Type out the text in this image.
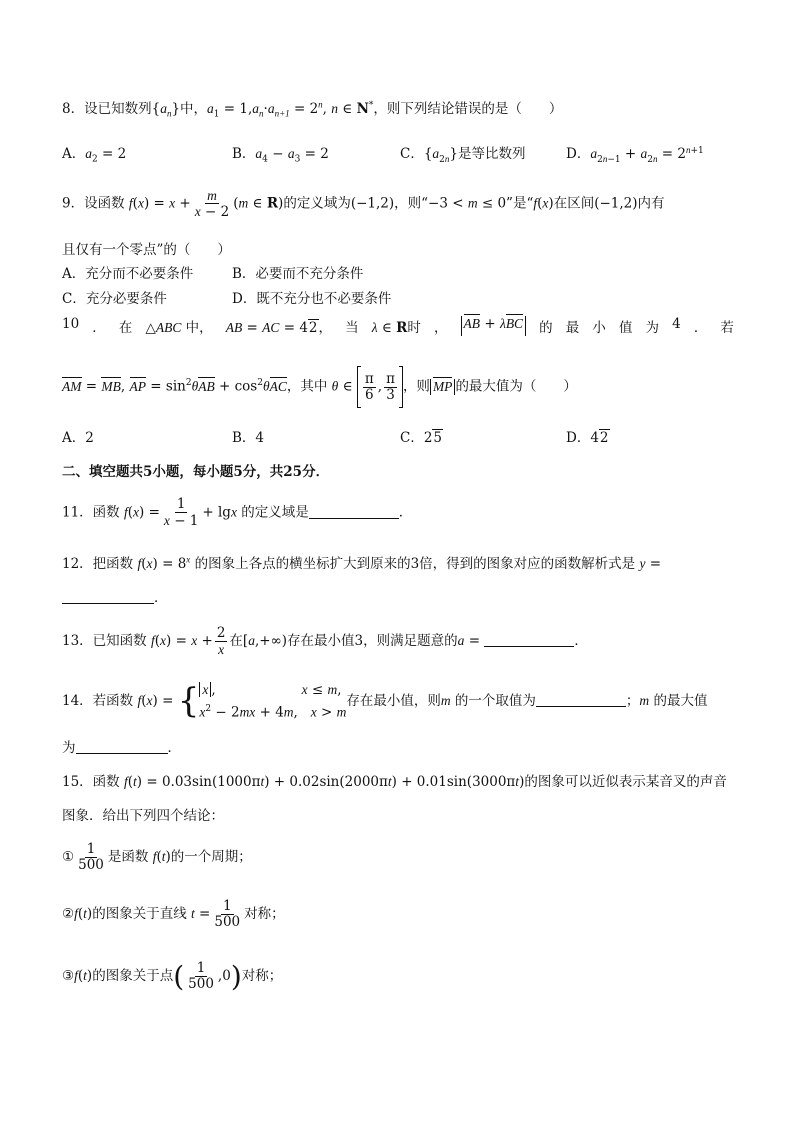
8．设已知数列$\{a_n\}$中，$a_1 = 1,a_n\cdot a_{n+1} = 2^n$, n ∈ N*，则下列结论错误的是（　　）
A．$a_2 = 2$	B．$a_4 - a_3 = 2$	C．$\{a_{2n}\}$是等比数列	D．$a_{2n-1} + a_{2n} = 2^{n+1}$
9．设函数 $f(x) = x + \frac{m}{x - 2} (m$ ∈ R)的定义域为(−1,2)，则“−3 < m ≤ 0”是“f(x)在区间(−1,2)内有
且仅有一个零点”的（　　）
A．充分而不必要条件	B．必要而不充分条件
C．充分必要条件	D．既不充分也不必要条件
10 ． 在 △ABC 中， AB = AC = 42， 当 λ ∈ R时 ， AB + λBC 的 最 小 值 为 4 ． 若
AM = MB, AP = $\sin^2\theta AB + \cos^2\theta AC$，其中 θ ∈ $\frac{\pi}{6}$ , $\frac{\pi}{3}$ ，则 MP 的最大值为（　　）
A．2	B．4	C．25	D．42
二、填空题共5小题，每小题5分，共25分．
11．函数 $f(x) = \frac{1}{x - 1} + \lg x$ 的定义域是	．
12．把函数 $f(x) = 8^x$ 的图象上各点的横坐标扩大到原来的3倍，得到的图象对应的函数解析式是 y =
．
13．已知函数 $f(x) = x + \frac{2}{x}$ 在[a,+∞)存在最小值3，则满足题意的a =	．
14．若函数 f(x) = { x ,	x ≤ m,
$x^2 - 2mx + 4m$,   x > m
存在最小值，则m 的一个取值为	；m 的最大值
为	．
15．函数 f(t) = 0.03sin(1000πt) + 0.02sin(2000πt) + 0.01sin(3000πt)的图象可以近似表示某音叉的声音
图象．给出下列四个结论：
① $\frac{1}{500}$ 是函数 f(t)的一个周期；
②f(t)的图象关于直线 $t = \frac{1}{500}$ 对称；
③f(t)的图象关于点( $\frac{1}{500} ,0$)对称；
